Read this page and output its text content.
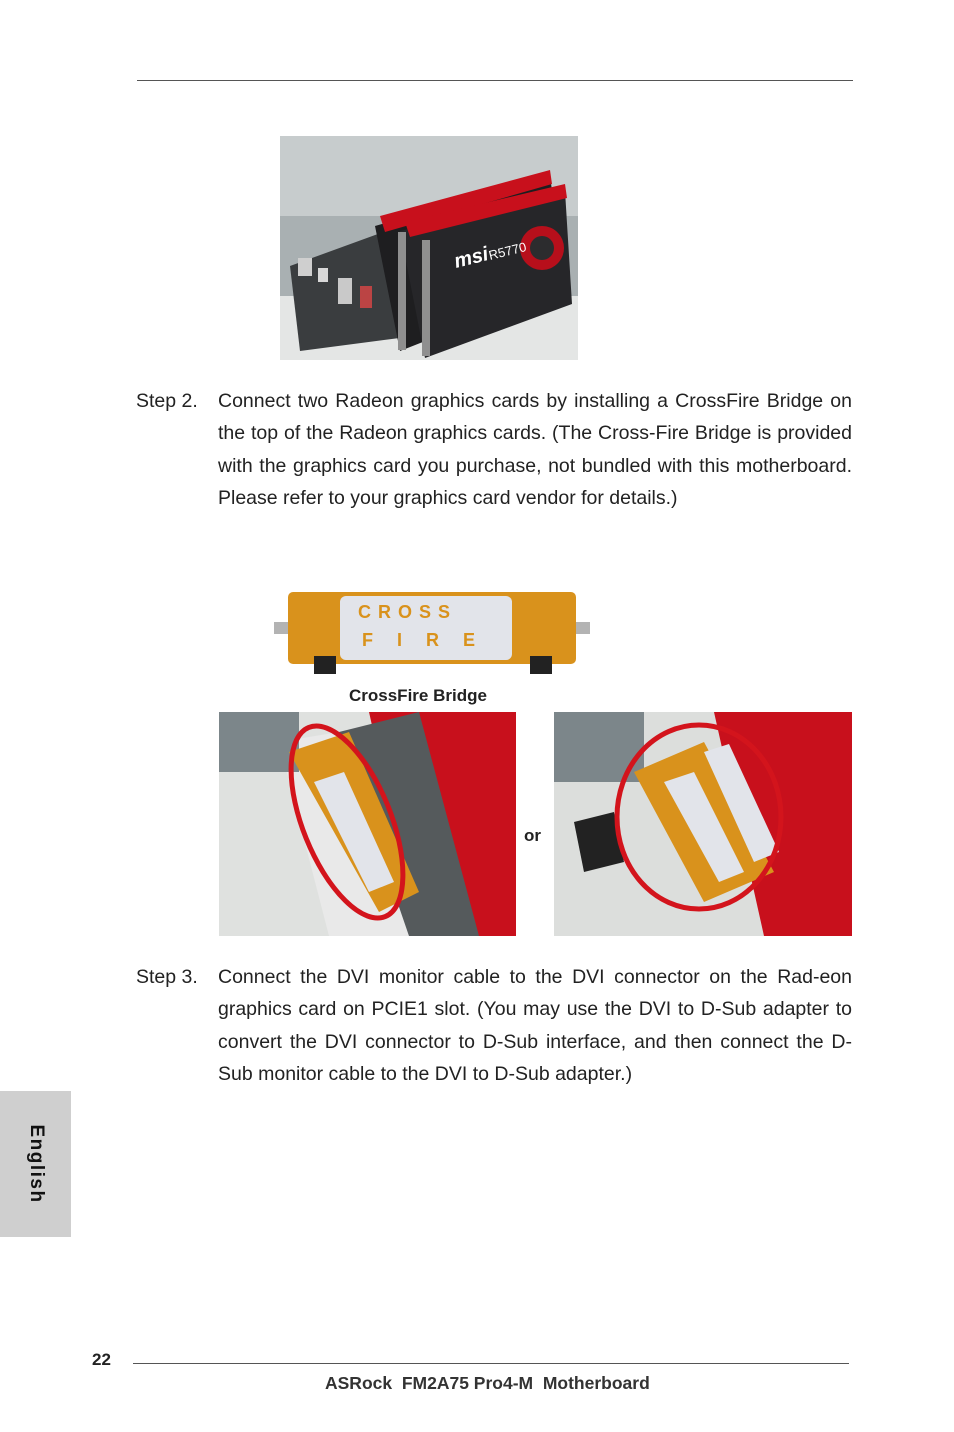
msi
R5770
Step 2. Connect two Radeon graphics cards by installing a CrossFire Bridge on the top of the Radeon graphics cards. (The Cross-Fire Bridge is provided with the graphics card you purchase, not bundled with this motherboard. Please refer to your graphics card vendor for details.)
CROSS
FIRE
CrossFire Bridge
or
Step 3. Connect the DVI monitor cable to the DVI connector on the Rad-eon graphics card on PCIE1 slot. (You may use the DVI to D-Sub adapter to convert the DVI connector to D-Sub interface, and then connect the D-Sub monitor cable to the DVI to D-Sub adapter.)
English
22
ASRock  FM2A75 Pro4-M  Motherboard
